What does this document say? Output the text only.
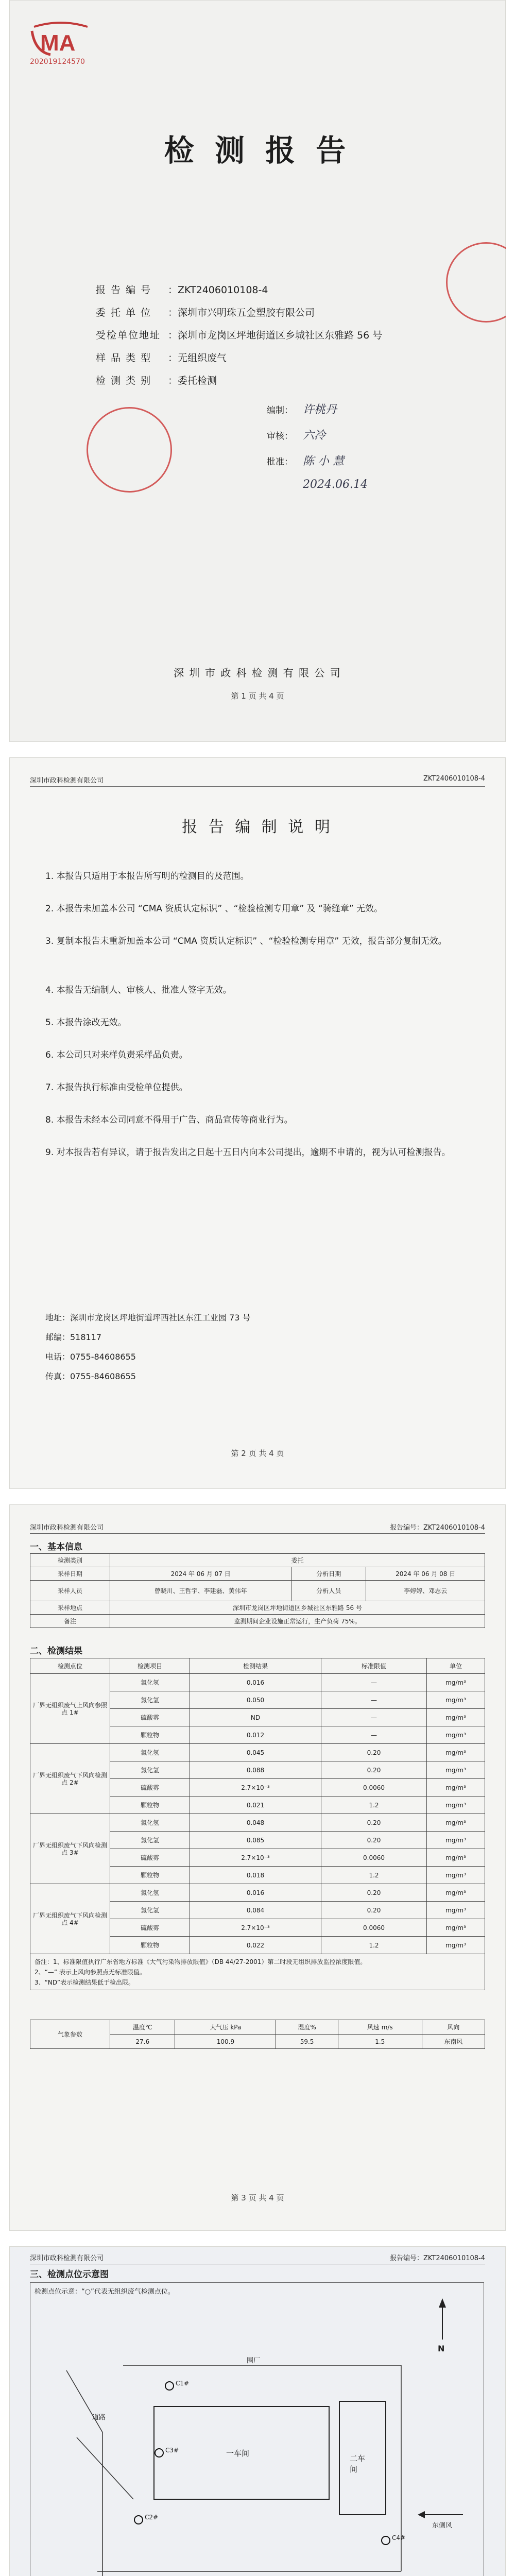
MA
202019124570
检 测 报 告
报 告 编 号 ：ZKT2406010108-4
委 托 单 位 ：深圳市兴明珠五金塑胶有限公司
受检单位地址 ：深圳市龙岗区坪地街道区乡城社区东雅路 56 号
样 品 类 型 ：无组织废气
检 测 类 别 ：委托检测
编制： 许桃丹
审核： 六冷
批准： 陈 小 慧
2024.06.14
深 圳 市 政 科 检 测 有 限 公 司
第 1 页 共 4 页
深圳市政科检测有限公司	ZKT2406010108-4
报 告 编 制 说 明
1. 本报告只适用于本报告所写明的检测目的及范围。
2. 本报告未加盖本公司 “CMA 资质认定标识” 、“检验检测专用章” 及 “骑缝章” 无效。
3. 复制本报告未重新加盖本公司 “CMA 资质认定标识” 、“检验检测专用章” 无效，报告部分复制无效。
4. 本报告无编制人、审核人、批准人签字无效。
5. 本报告涂改无效。
6. 本公司只对来样负责采样品负责。
7. 本报告执行标准由受检单位提供。
8. 本报告未经本公司同意不得用于广告、商品宣传等商业行为。
9. 对本报告若有异议，请于报告发出之日起十五日内向本公司提出，逾期不申请的，视为认可检测报告。
地址：深圳市龙岗区坪地街道坪西社区东江工业园 73 号
邮编：518117
电话：0755-84608655
传真：0755-84608655
第 2 页 共 4 页
深圳市政科检测有限公司	报告编号：ZKT2406010108-4
一、基本信息
检测类别	委托		
采样日期	2024 年 06 月 07 日	分析日期	2024 年 06 月 08 日
采样人员	曾晓川、王哲宇、李建磊、黄伟年	分析人员	李婷婷、邓志云
采样地点	深圳市龙岗区坪地街道区乡城社区东雅路 56 号		
备注	监测期间企业设施正常运行，生产负荷 75%。		
二、检测结果
检测点位	检测项目	检测结果	标准限值	单位
厂界无组织废气上风向参照点 1#	氯化氢	0.016	—	mg/m³
	氯化氢	0.050	—	mg/m³
	硫酸雾	ND	—	mg/m³
	颗粒物	0.012	—	mg/m³
厂界无组织废气下风向检测点 2#	氯化氢	0.045	0.20	mg/m³
	氯化氢	0.088	0.20	mg/m³
	硫酸雾	2.7×10⁻³	0.0060	mg/m³
	颗粒物	0.021	1.2	mg/m³
厂界无组织废气下风向检测点 3#	氯化氢	0.048	0.20	mg/m³
	氯化氢	0.085	0.20	mg/m³
	硫酸雾	2.7×10⁻³	0.0060	mg/m³
	颗粒物	0.018	1.2	mg/m³
厂界无组织废气下风向检测点 4#	氯化氢	0.016	0.20	mg/m³
	氯化氢	0.084	0.20	mg/m³
	硫酸雾	2.7×10⁻³	0.0060	mg/m³
	颗粒物	0.022	1.2	mg/m³

备注：1、标准限值执行广东省地方标准《大气污染物排放限值》（DB 44/27-2001）第二时段无组织排放监控浓度限值。
2、“—” 表示上风向参照点无标准限值。
3、“ND”表示检测结果低于检出限。				
气象参数	温度℃	大气压 kPa	湿度%	风速 m/s	风向
	27.6	100.9	59.5	1.5	东南风
第 3 页 共 4 页
深圳市政科检测有限公司	报告编号：ZKT2406010108-4
三、检测点位示意图
检测点位示意：“○”代表无组织废气检测点位。
N
围厂
道路
一车间
二车间
东侧风
C1#
C2#
C3#
C4#
